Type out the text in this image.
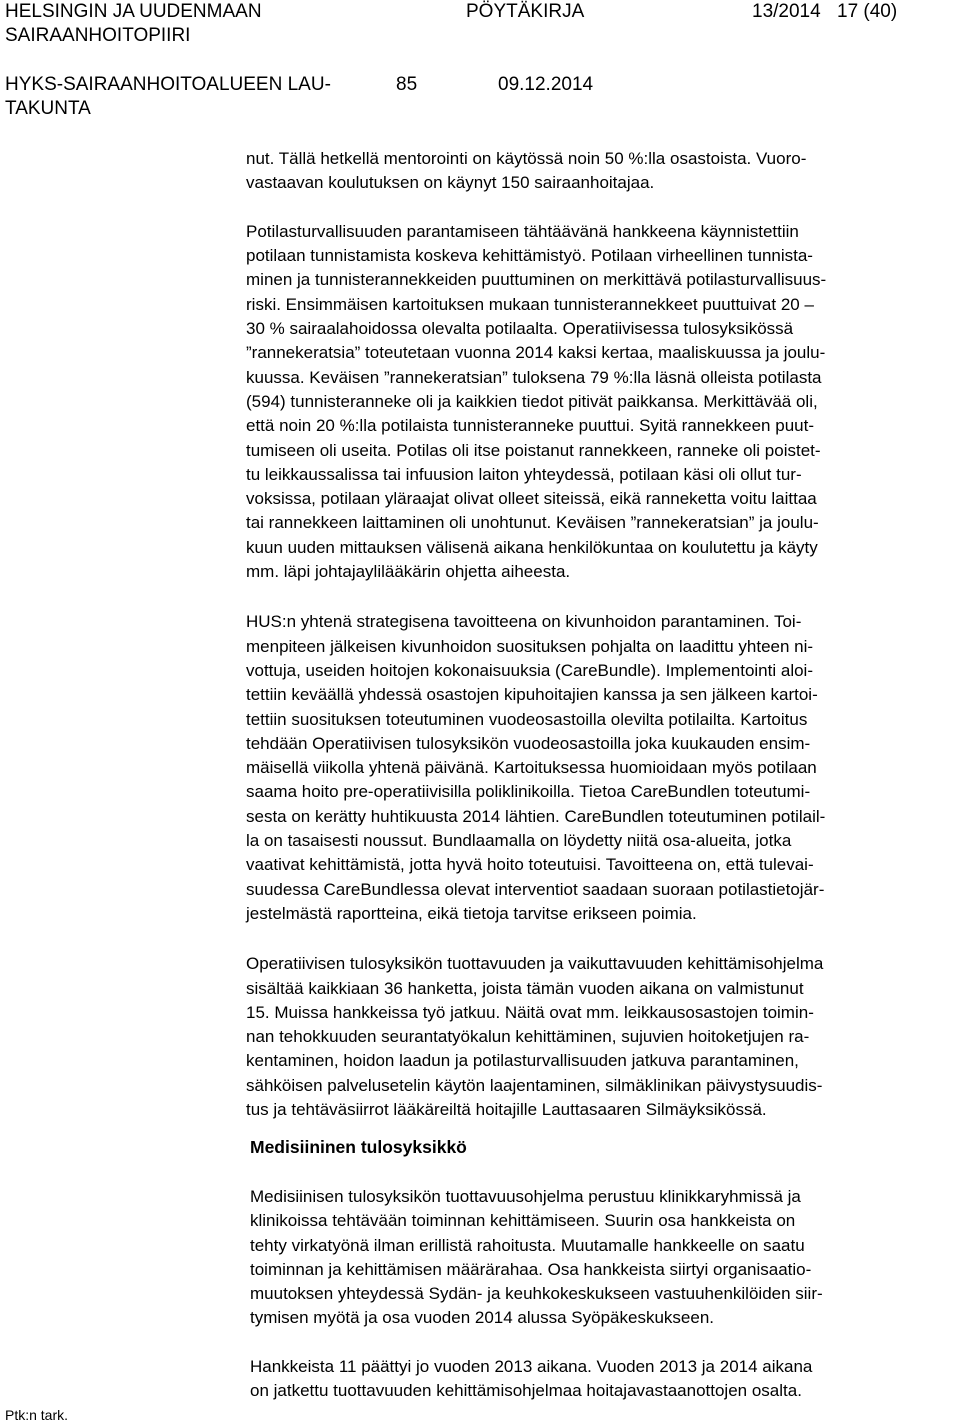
HELSINGIN JA UUDENMAAN
SAIRAANHOITOPIIRI
PÖYTÄKIRJA	13/2014 17 (40)
HYKS-SAIRAANHOITOALUEEN LAU-
TAKUNTA
85	09.12.2014

nut. Tällä hetkellä mentorointi on käytössä noin 50 %:lla osastoista. Vuoro-
vastaavan koulutuksen on käynyt 150 sairaanhoitajaa.

Potilasturvallisuuden parantamiseen tähtäävänä hankkeena käynnistettiin
potilaan tunnistamista koskeva kehittämistyö. Potilaan virheellinen tunnista-
minen ja tunnisterannekkeiden puuttuminen on merkittävä potilasturvallisuus-
riski. Ensimmäisen kartoituksen mukaan tunnisterannekkeet puuttuivat 20 –
30 % sairaalahoidossa olevalta potilaalta. Operatiivisessa tulosyksikössä
”rannekeratsia” toteutetaan vuonna 2014 kaksi kertaa, maaliskuussa ja joulu-
kuussa. Keväisen ”rannekeratsian” tuloksena 79 %:lla läsnä olleista potilasta
(594) tunnisteranneke oli ja kaikkien tiedot pitivät paikkansa. Merkittävää oli,
että noin 20 %:lla potilaista tunnisteranneke puuttui. Syitä rannekkeen puut-
tumiseen oli useita. Potilas oli itse poistanut rannekkeen, ranneke oli poistet-
tu leikkaussalissa tai infuusion laiton yhteydessä, potilaan käsi oli ollut tur-
voksissa, potilaan yläraajat olivat olleet siteissä, eikä ranneketta voitu laittaa
tai rannekkeen laittaminen oli unohtunut. Keväisen ”rannekeratsian” ja joulu-
kuun uuden mittauksen välisenä aikana henkilökuntaa on koulutettu ja käyty
mm. läpi johtajaylilääkärin ohjetta aiheesta.

HUS:n yhtenä strategisena tavoitteena on kivunhoidon parantaminen. Toi-
menpiteen jälkeisen kivunhoidon suosituksen pohjalta on laadittu yhteen ni-
vottuja, useiden hoitojen kokonaisuuksia (CareBundle). Implementointi aloi-
tettiin keväällä yhdessä osastojen kipuhoitajien kanssa ja sen jälkeen kartoi-
tettiin suosituksen toteutuminen vuodeosastoilla olevilta potilailta. Kartoitus
tehdään Operatiivisen tulosyksikön vuodeosastoilla joka kuukauden ensim-
mäisellä viikolla yhtenä päivänä. Kartoituksessa huomioidaan myös potilaan
saama hoito pre-operatiivisilla poliklinikoilla. Tietoa CareBundlen toteutumi-
sesta on kerätty huhtikuusta 2014 lähtien. CareBundlen toteutuminen potilail-
la on tasaisesti noussut. Bundlaamalla on löydetty niitä osa-alueita, jotka
vaativat kehittämistä, jotta hyvä hoito toteutuisi. Tavoitteena on, että tulevai-
suudessa CareBundlessa olevat interventiot saadaan suoraan potilastietojär-
jestelmästä raportteina, eikä tietoja tarvitse erikseen poimia.

Operatiivisen tulosyksikön tuottavuuden ja vaikuttavuuden kehittämisohjelma
sisältää kaikkiaan 36 hanketta, joista tämän vuoden aikana on valmistunut
15. Muissa hankkeissa työ jatkuu. Näitä ovat mm. leikkausosastojen toimin-
nan tehokkuuden seurantatyökalun kehittäminen, sujuvien hoitoketjujen ra-
kentaminen, hoidon laadun ja potilasturvallisuuden jatkuva parantaminen,
sähköisen palvelusetelin käytön laajentaminen, silmäklinikan päivystysuudis-
tus ja tehtäväsiirrot lääkäreiltä hoitajille Lauttasaaren Silmäyksikössä.

Medisiininen tulosyksikkö

Medisiinisen tulosyksikön tuottavuusohjelma perustuu klinikkaryhmissä ja
klinikoissa tehtävään toiminnan kehittämiseen. Suurin osa hankkeista on
tehty virkatyönä ilman erillistä rahoitusta. Muutamalle hankkeelle on saatu
toiminnan ja kehittämisen määrärahaa. Osa hankkeista siirtyi organisaatio-
muutoksen yhteydessä Sydän- ja keuhkokeskukseen vastuuhenkilöiden siir-
tymisen myötä ja osa vuoden 2014 alussa Syöpäkeskukseen.

Hankkeista 11 päättyi jo vuoden 2013 aikana. Vuoden 2013 ja 2014 aikana
on jatkettu tuottavuuden kehittämisohjelmaa hoitajavastaanottojen osalta.

Ptk:n tark.
